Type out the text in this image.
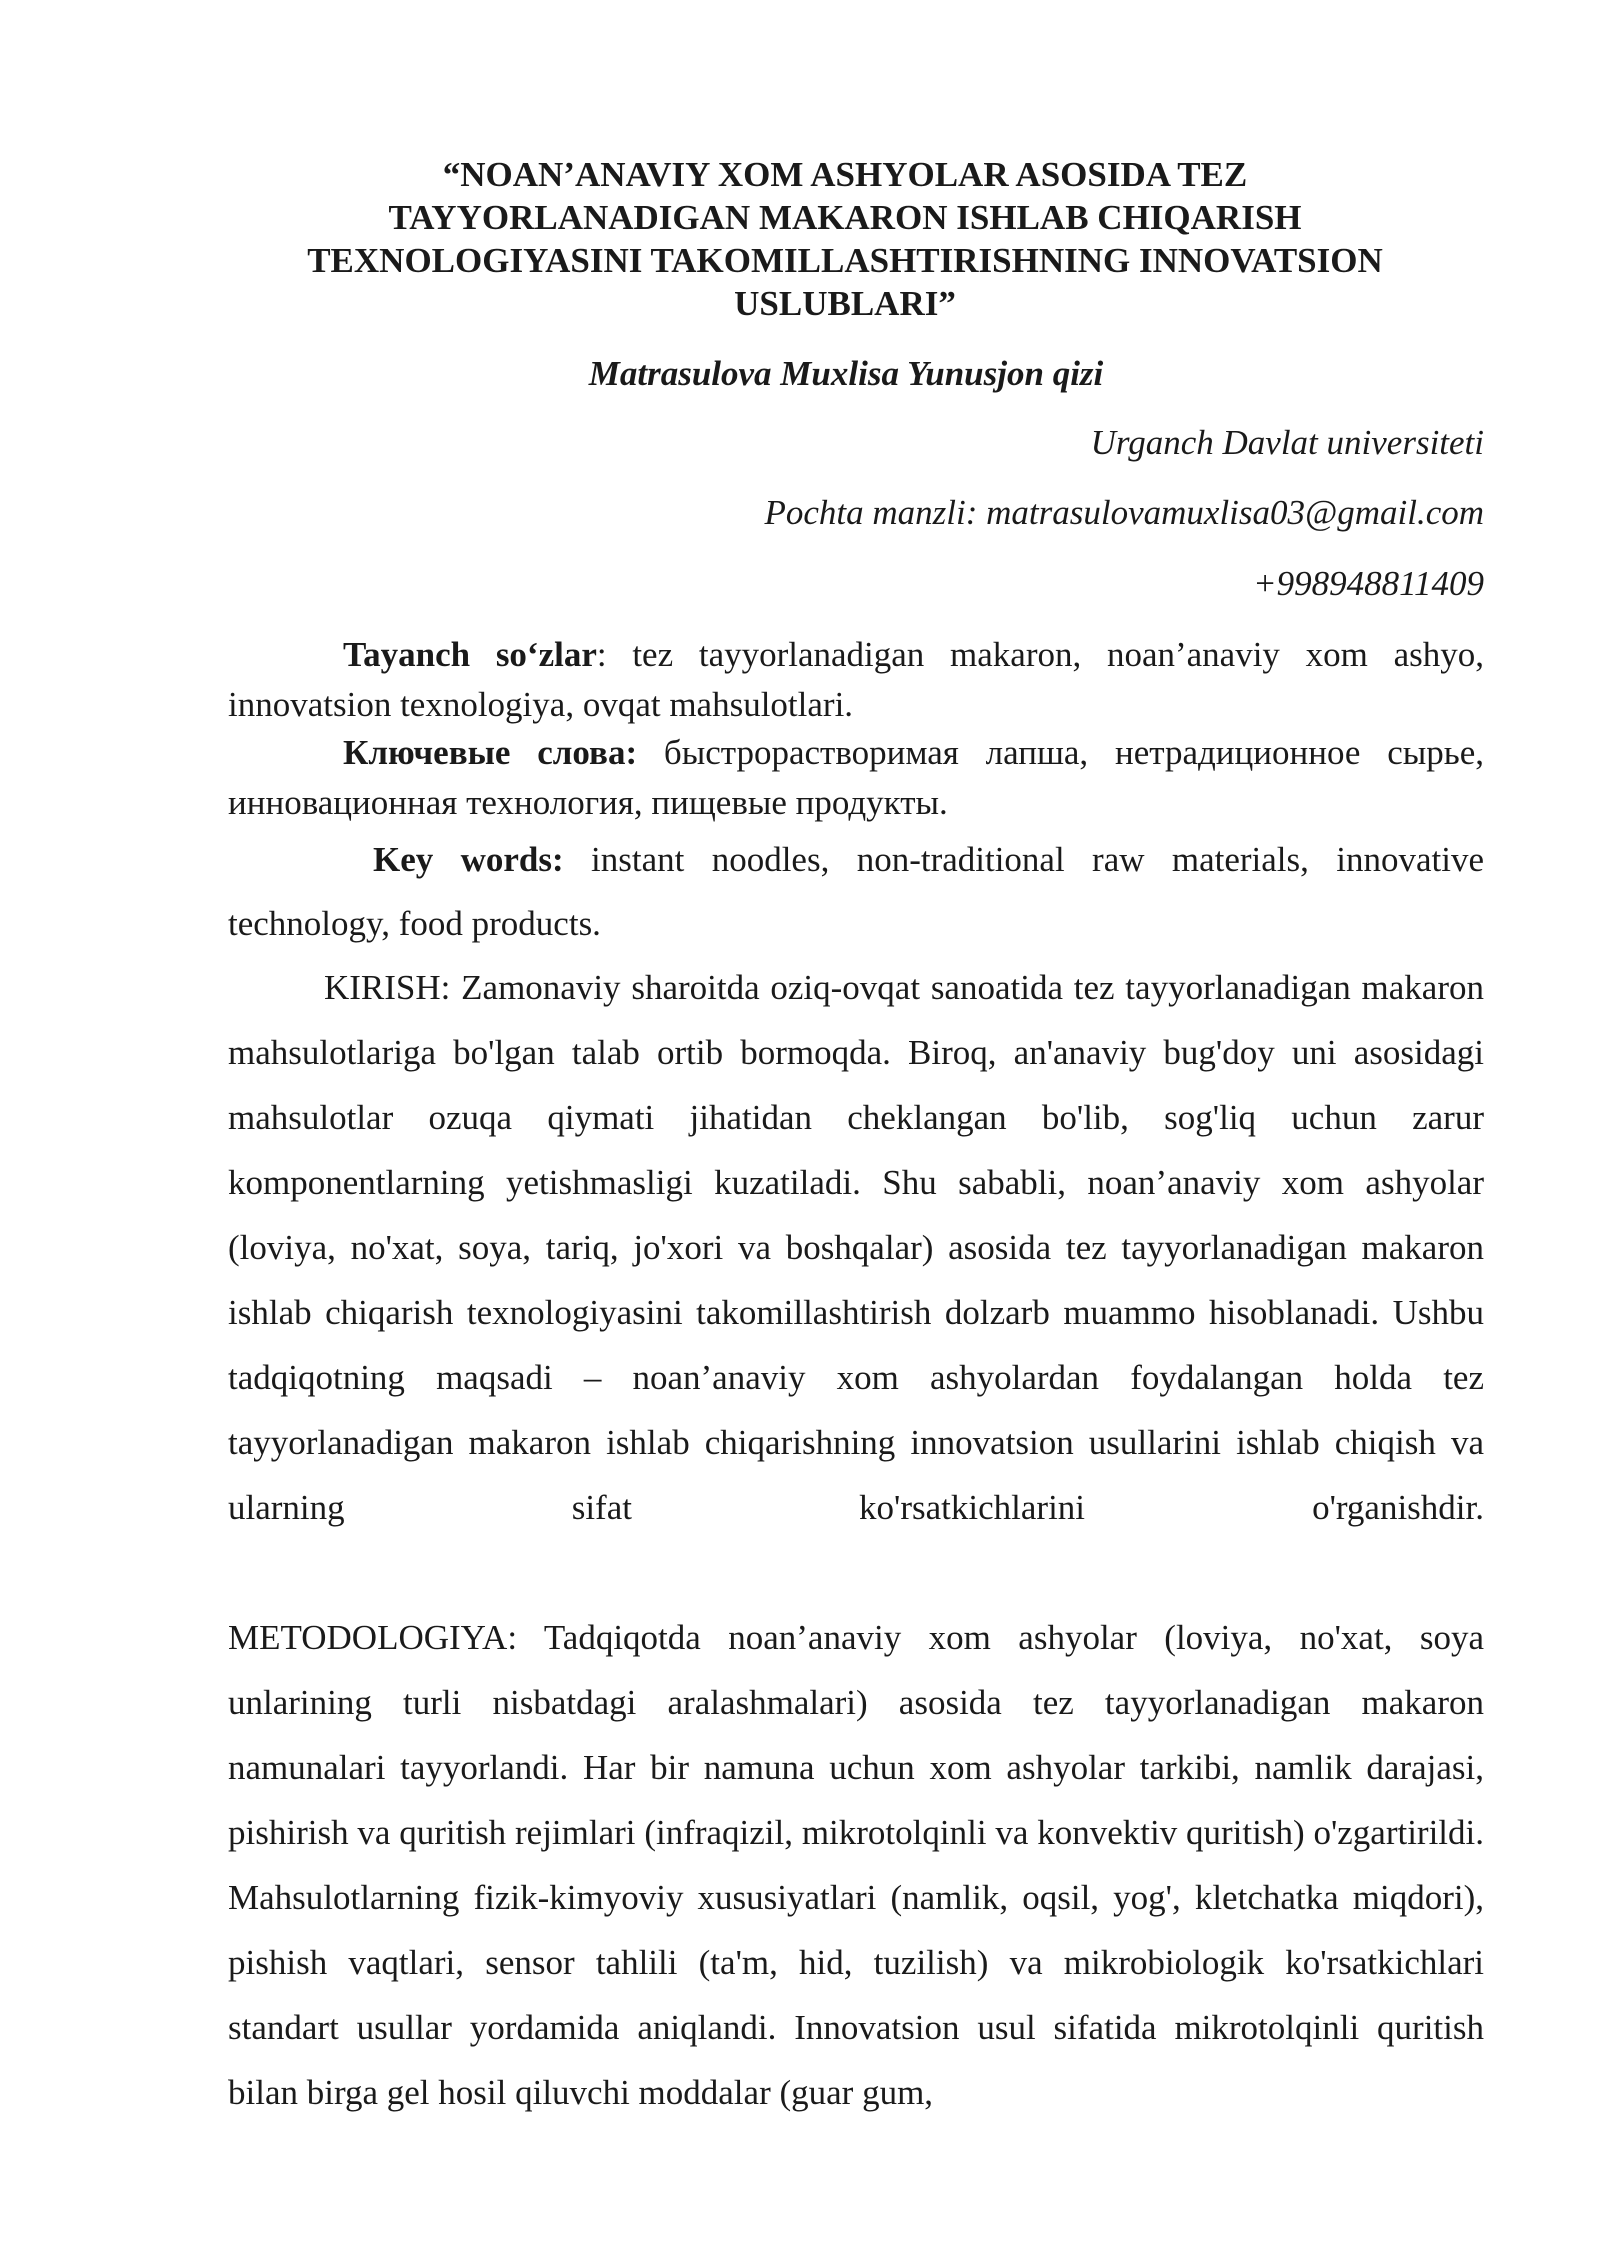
“NOAN’ANAVIY XOM ASHYOLAR ASOSIDA TEZ
TAYYORLANADIGAN MAKARON ISHLAB CHIQARISH
TEXNOLOGIYASINI TAKOMILLASHTIRISHNING INNOVATSION
USLUBLARI”

Matrasulova Muxlisa Yunusjon qizi

Urganch Davlat universiteti

Pochta manzli: matrasulovamuxlisa03@gmail.com

+998948811409

Tayanch so‘zlar: tez tayyorlanadigan makaron, noan’anaviy xom ashyo, innovatsion texnologiya, ovqat mahsulotlari.

Ключевые слова: быстрорастворимая лапша, нетрадиционное сырье, инновационная технология, пищевые продукты.

Key words: instant noodles, non-traditional raw materials, innovative technology, food products.

KIRISH: Zamonaviy sharoitda oziq-ovqat sanoatida tez tayyorlanadigan makaron mahsulotlariga bo'lgan talab ortib bormoqda. Biroq, an'anaviy bug'doy uni asosidagi mahsulotlar ozuqa qiymati jihatidan cheklangan bo'lib, sog'liq uchun zarur komponentlarning yetishmasligi kuzatiladi. Shu sababli, noan’anaviy xom ashyolar (loviya, no'xat, soya, tariq, jo'xori va boshqalar) asosida tez tayyorlanadigan makaron ishlab chiqarish texnologiyasini takomillashtirish dolzarb muammo hisoblanadi. Ushbu tadqiqotning maqsadi – noan’anaviy xom ashyolardan foydalangan holda tez tayyorlanadigan makaron ishlab chiqarishning innovatsion usullarini ishlab chiqish va ularning sifat ko'rsatkichlarini o'rganishdir.

METODOLOGIYA: Tadqiqotda noan’anaviy xom ashyolar (loviya, no'xat, soya unlarining turli nisbatdagi aralashmalari) asosida tez tayyorlanadigan makaron namunalari tayyorlandi. Har bir namuna uchun xom ashyolar tarkibi, namlik darajasi, pishirish va quritish rejimlari (infraqizil, mikrotolqinli va konvektiv quritish) o'zgartirildi. Mahsulotlarning fizik-kimyoviy xususiyatlari (namlik, oqsil, yog', kletchatka miqdori), pishish vaqtlari, sensor tahlili (ta'm, hid, tuzilish) va mikrobiologik ko'rsatkichlari standart usullar yordamida aniqlandi. Innovatsion usul sifatida mikrotolqinli quritish bilan birga gel hosil qiluvchi moddalar (guar gum,
